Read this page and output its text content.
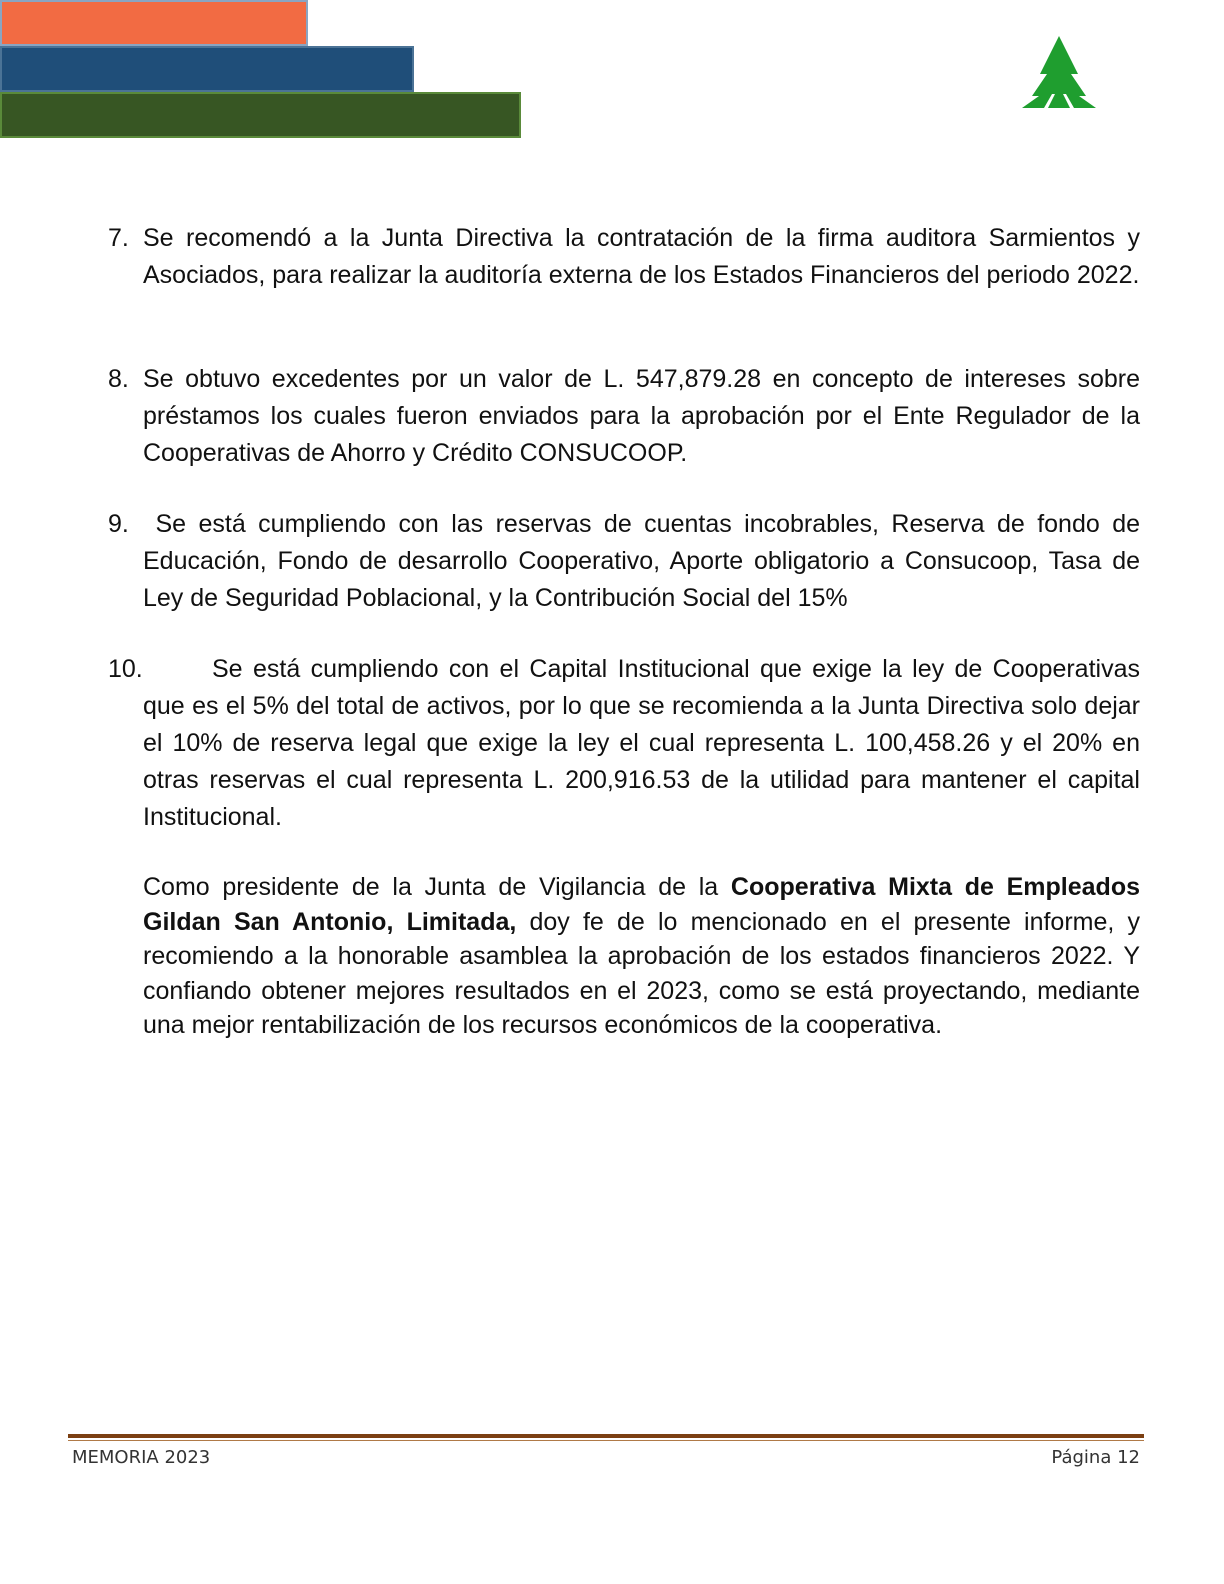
7. Se recomendó a la Junta Directiva la contratación de la firma auditora Sarmientos y Asociados, para realizar la auditoría externa de los Estados Financieros del periodo 2022.
8. Se obtuvo excedentes por un valor de L. 547,879.28 en concepto de intereses sobre préstamos los cuales fueron enviados para la aprobación por el Ente Regulador de la Cooperativas de Ahorro y Crédito CONSUCOOP.
9. Se está cumpliendo con las reservas de cuentas incobrables, Reserva de fondo de Educación, Fondo de desarrollo Cooperativo, Aporte obligatorio a Consucoop, Tasa de Ley de Seguridad Poblacional, y la Contribución Social del 15%
10.	Se está cumpliendo con el Capital Institucional que exige la ley de Cooperativas que es el 5% del total de activos, por lo que se recomienda a la Junta Directiva solo dejar el 10% de reserva legal que exige la ley el cual representa L. 100,458.26 y el 20% en otras reservas el cual representa L. 200,916.53 de la utilidad para mantener el capital Institucional.
Como presidente de la Junta de Vigilancia de la Cooperativa Mixta de Empleados Gildan San Antonio, Limitada, doy fe de lo mencionado en el presente informe, y recomiendo a la honorable asamblea la aprobación de los estados financieros 2022. Y confiando obtener mejores resultados en el 2023, como se está proyectando, mediante una mejor rentabilización de los recursos económicos de la cooperativa.
MEMORIA 2023	Página 12
